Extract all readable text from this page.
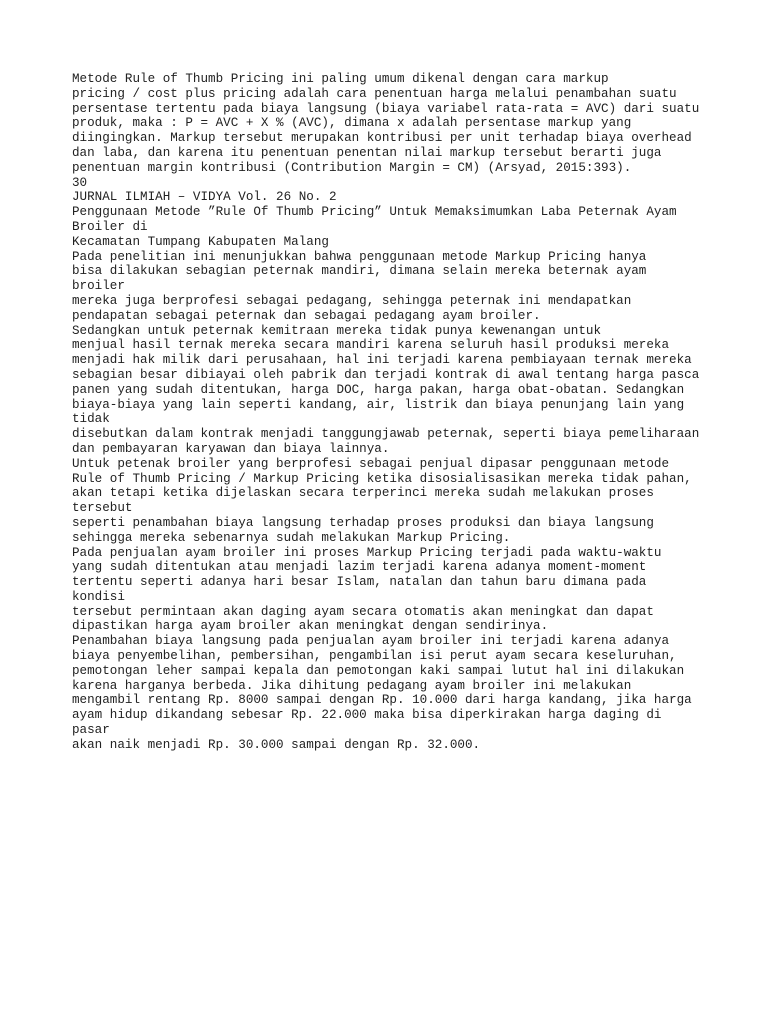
Metode Rule of Thumb Pricing ini paling umum dikenal dengan cara markup
pricing / cost plus pricing adalah cara penentuan harga melalui penambahan suatu
persentase tertentu pada biaya langsung (biaya variabel rata-rata = AVC) dari suatu
produk, maka : P = AVC + X % (AVC), dimana x adalah persentase markup yang
diingingkan. Markup tersebut merupakan kontribusi per unit terhadap biaya overhead
dan laba, dan karena itu penentuan penentan nilai markup tersebut berarti juga
penentuan margin kontribusi (Contribution Margin = CM) (Arsyad, 2015:393).
30
JURNAL ILMIAH – VIDYA Vol. 26 No. 2
Penggunaan Metode ”Rule Of Thumb Pricing” Untuk Memaksimumkan Laba Peternak Ayam
Broiler di
Kecamatan Tumpang Kabupaten Malang
Pada penelitian ini menunjukkan bahwa penggunaan metode Markup Pricing hanya
bisa dilakukan sebagian peternak mandiri, dimana selain mereka beternak ayam
broiler
mereka juga berprofesi sebagai pedagang, sehingga peternak ini mendapatkan
pendapatan sebagai peternak dan sebagai pedagang ayam broiler.
Sedangkan untuk peternak kemitraan mereka tidak punya kewenangan untuk
menjual hasil ternak mereka secara mandiri karena seluruh hasil produksi mereka
menjadi hak milik dari perusahaan, hal ini terjadi karena pembiayaan ternak mereka
sebagian besar dibiayai oleh pabrik dan terjadi kontrak di awal tentang harga pasca
panen yang sudah ditentukan, harga DOC, harga pakan, harga obat-obatan. Sedangkan
biaya-biaya yang lain seperti kandang, air, listrik dan biaya penunjang lain yang
tidak
disebutkan dalam kontrak menjadi tanggungjawab peternak, seperti biaya pemeliharaan
dan pembayaran karyawan dan biaya lainnya.
Untuk petenak broiler yang berprofesi sebagai penjual dipasar penggunaan metode
Rule of Thumb Pricing / Markup Pricing ketika disosialisasikan mereka tidak pahan,
akan tetapi ketika dijelaskan secara terperinci mereka sudah melakukan proses
tersebut
seperti penambahan biaya langsung terhadap proses produksi dan biaya langsung
sehingga mereka sebenarnya sudah melakukan Markup Pricing.
Pada penjualan ayam broiler ini proses Markup Pricing terjadi pada waktu-waktu
yang sudah ditentukan atau menjadi lazim terjadi karena adanya moment-moment
tertentu seperti adanya hari besar Islam, natalan dan tahun baru dimana pada
kondisi
tersebut permintaan akan daging ayam secara otomatis akan meningkat dan dapat
dipastikan harga ayam broiler akan meningkat dengan sendirinya.
Penambahan biaya langsung pada penjualan ayam broiler ini terjadi karena adanya
biaya penyembelihan, pembersihan, pengambilan isi perut ayam secara keseluruhan,
pemotongan leher sampai kepala dan pemotongan kaki sampai lutut hal ini dilakukan
karena harganya berbeda. Jika dihitung pedagang ayam broiler ini melakukan
mengambil rentang Rp. 8000 sampai dengan Rp. 10.000 dari harga kandang, jika harga
ayam hidup dikandang sebesar Rp. 22.000 maka bisa diperkirakan harga daging di
pasar
akan naik menjadi Rp. 30.000 sampai dengan Rp. 32.000.
